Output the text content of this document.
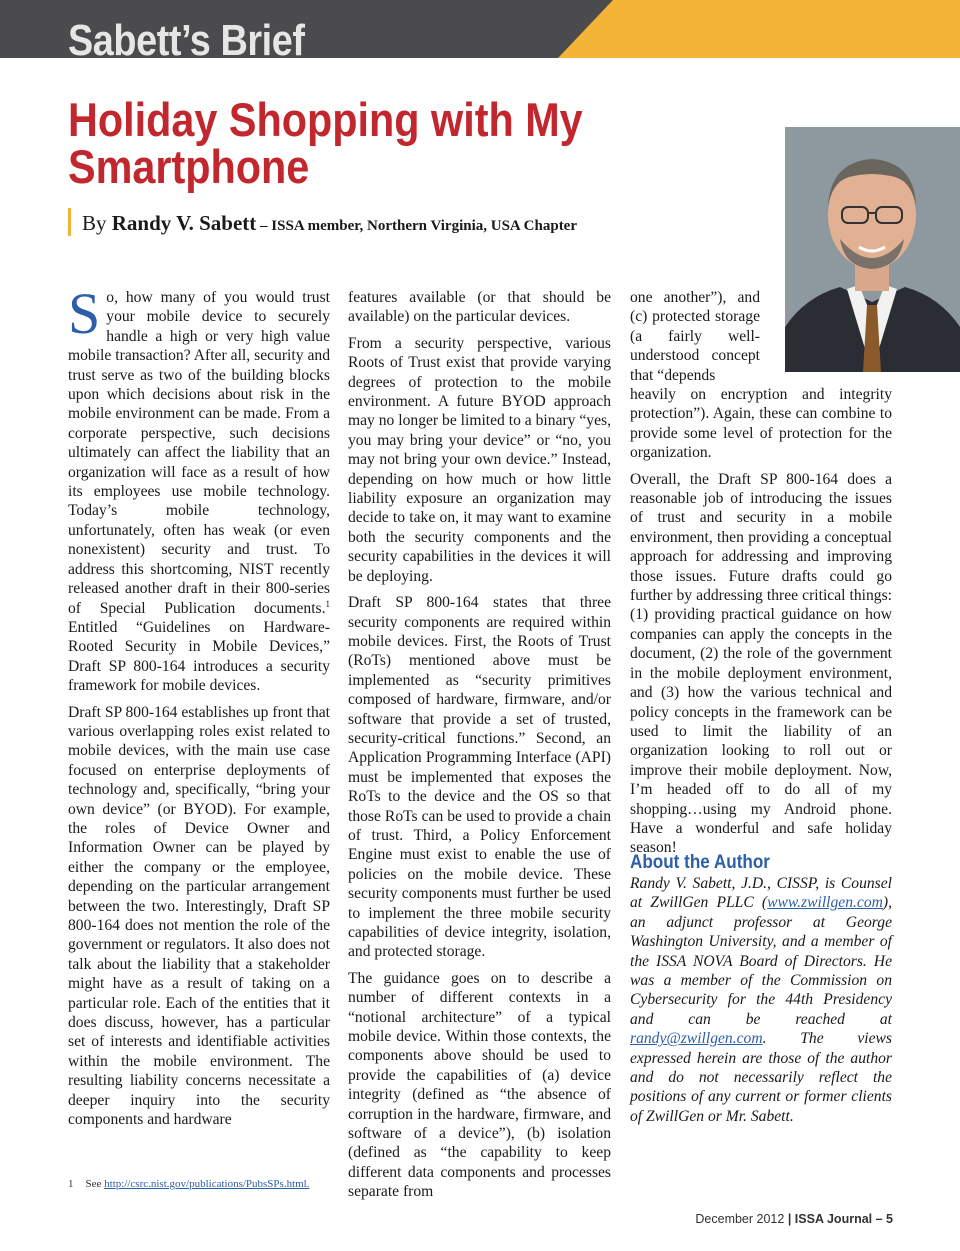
Sabett’s Brief
Holiday Shopping with My Smartphone
By Randy V. Sabett – ISSA member, Northern Virginia, USA Chapter

So, how many of you would trust your mobile device to securely handle a high or very high value mobile transaction? After all, security and trust serve as two of the building blocks upon which decisions about risk in the mobile environment can be made. From a corporate perspective, such decisions ultimately can affect the liability that an organization will face as a result of how its employees use mobile technology. Today’s mobile technology, unfortunately, often has weak (or even nonexistent) security and trust. To address this shortcoming, NIST recently released another draft in their 800-series of Special Publication documents.$^1$ Entitled “Guidelines on Hardware-Rooted Security in Mobile Devices,” Draft SP 800-164 introduces a security framework for mobile devices.

Draft SP 800-164 establishes up front that various overlapping roles exist related to mobile devices, with the main use case focused on enterprise deployments of technology and, specifically, “bring your own device” (or BYOD). For example, the roles of Device Owner and Information Owner can be played by either the company or the employee, depending on the particular arrangement between the two. Interestingly, Draft SP 800-164 does not mention the role of the government or regulators. It also does not talk about the liability that a stakeholder might have as a result of taking on a particular role. Each of the entities that it does discuss, however, has a particular set of interests and identifiable activities within the mobile environment. The resulting liability concerns necessitate a deeper inquiry into the security components and hardware

features available (or that should be available) on the particular devices.

From a security perspective, various Roots of Trust exist that provide varying degrees of protection to the mobile environment. A future BYOD approach may no longer be limited to a binary “yes, you may bring your device” or “no, you may not bring your own device.” Instead, depending on how much or how little liability exposure an organization may decide to take on, it may want to examine both the security components and the security capabilities in the devices it will be deploying.

Draft SP 800-164 states that three security components are required within mobile devices. First, the Roots of Trust (RoTs) mentioned above must be implemented as “security primitives composed of hardware, firmware, and/or software that provide a set of trusted, security-critical functions.” Second, an Application Programming Interface (API) must be implemented that exposes the RoTs to the device and the OS so that those RoTs can be used to provide a chain of trust. Third, a Policy Enforcement Engine must exist to enable the use of policies on the mobile device. These security components must further be used to implement the three mobile security capabilities of device integrity, isolation, and protected storage.

The guidance goes on to describe a number of different contexts in a “notional architecture” of a typical mobile device. Within those contexts, the components above should be used to provide the capabilities of (a) device integrity (defined as “the absence of corruption in the hardware, firmware, and software of a device”), (b) isolation (defined as “the capability to keep different data components and processes separate from

one another”), and (c) protected storage (a fairly well-understood concept that “depends

heavily on encryption and integrity protection”). Again, these can combine to provide some level of protection for the organization.

Overall, the Draft SP 800-164 does a reasonable job of introducing the issues of trust and security in a mobile environment, then providing a conceptual approach for addressing and improving those issues. Future drafts could go further by addressing three critical things: (1) providing practical guidance on how companies can apply the concepts in the document, (2) the role of the government in the mobile deployment environment, and (3) how the various technical and policy concepts in the framework can be used to limit the liability of an organization looking to roll out or improve their mobile deployment. Now, I’m headed off to do all of my shopping…using my Android phone. Have a wonderful and safe holiday season!

About the Author
Randy V. Sabett, J.D., CISSP, is Counsel at ZwillGen PLLC (www.zwillgen.com), an adjunct professor at George Washington University, and a member of the ISSA NOVA Board of Directors. He was a member of the Commission on Cybersecurity for the 44th Presidency and can be reached at randy@zwillgen.com. The views expressed herein are those of the author and do not necessarily reflect the positions of any current or former clients of ZwillGen or Mr. Sabett.
1 See http://csrc.nist.gov/publications/PubsSPs.html.
December 2012 | ISSA Journal – 5
